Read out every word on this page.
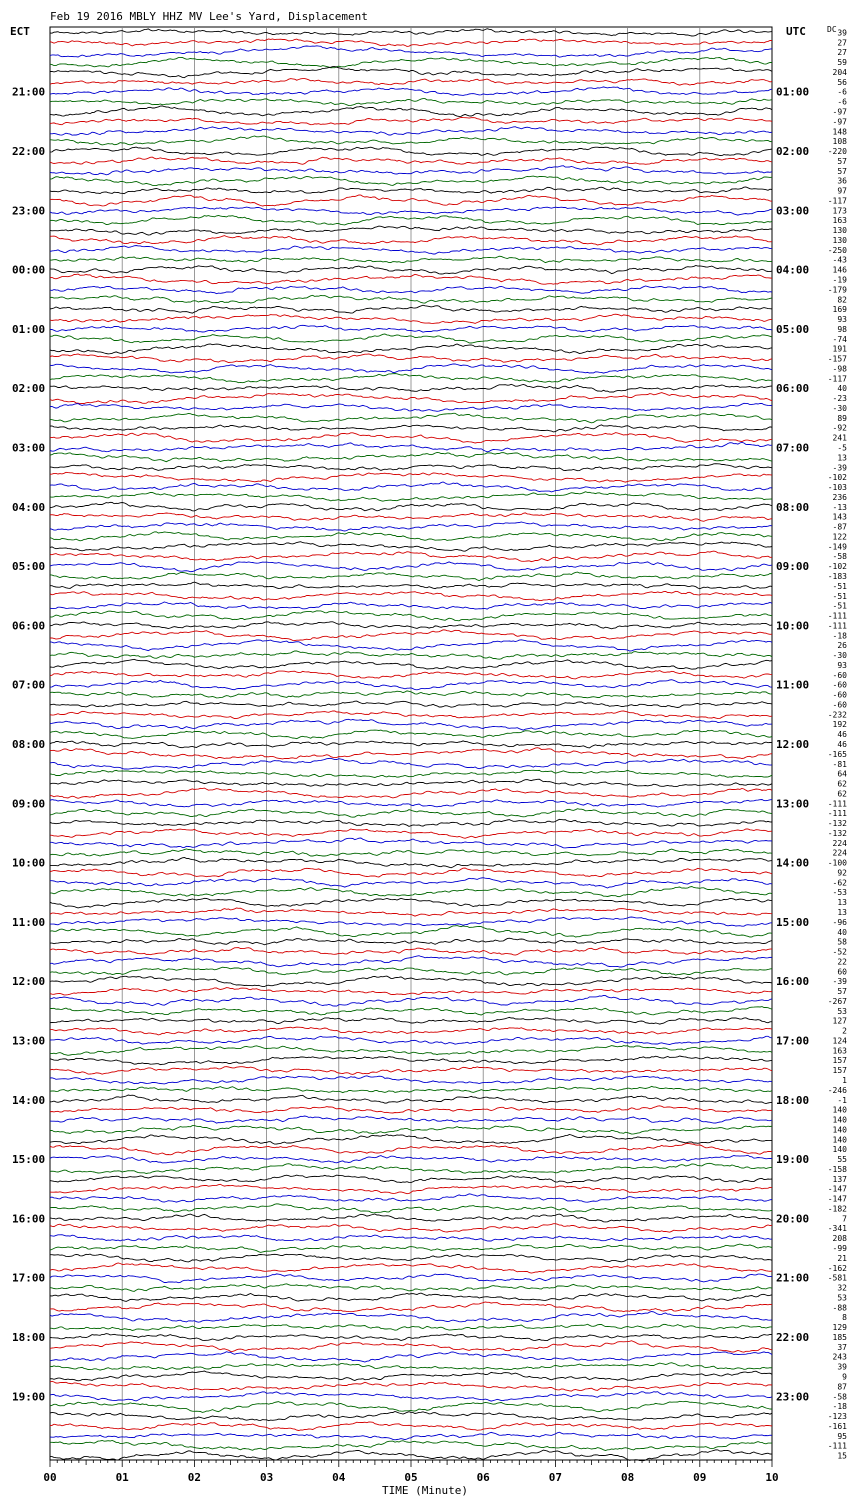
Feb 19 2016 MBLY HHZ MV Lee's Yard, Displacement
ECT	UTC	DC
21:00
22:00
23:00
00:00
01:00
02:00
03:00
04:00
05:00
06:00
07:00
08:00
09:00
10:00
11:00
12:00
13:00
14:00
15:00
16:00
17:00
18:00
19:00
01:00
02:00
03:00
04:00
05:00
06:00
07:00
08:00
09:00
10:00
11:00
12:00
13:00
14:00
15:00
16:00
17:00
18:00
19:00
20:00
21:00
22:00
23:00
39
27
27
59
204
56
-6
-6
-97
-97
148
108
-220
57
57
36
97
-117
173
163
130
130
-250
-43
146
-19
-179
82
169
93
98
-74
191
-157
-98
-117
40
-23
-30
89
-92
241
-5
13
-39
-102
-103
236
-13
143
-87
122
-149
-58
-102
-183
-51
-51
-51
-111
-111
-18
26
-30
93
-60
-60
-60
-60
-232
192
46
46
-165
-81
64
62
62
-111
-111
-132
-132
224
224
-100
92
-62
-53
13
13
-96
40
58
-52
22
60
-39
57
-267
53
127
2
124
163
157
157
1
-246
-1
140
140
140
140
140
55
-158
137
-147
-147
-182
7
-341
208
-99
21
-162
-581
32
53
-88
8
129
185
37
243
39
9
87
-58
-18
-123
-161
95
-111
15
00	01	02	03	04	05	06	07	08	09	10
TIME (Minute)
